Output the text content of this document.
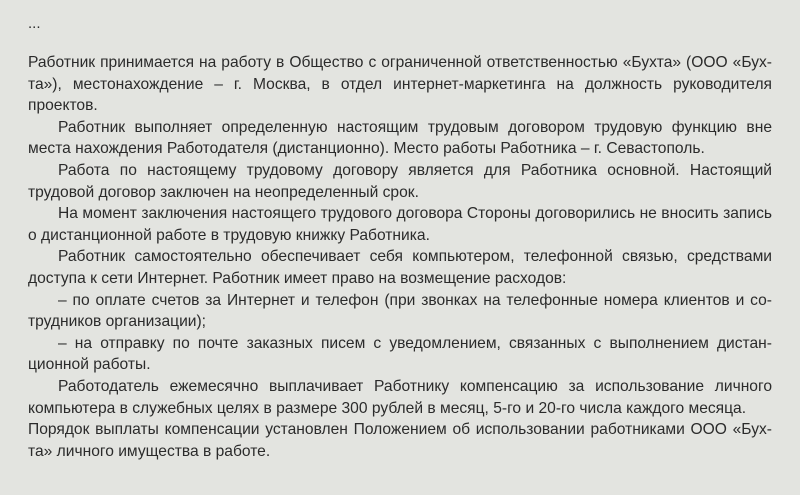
...

Работник принимается на работу в Общество с ограниченной ответственностью «Бухта» (ООО «Бух-та»), местонахождение – г. Москва, в отдел интернет-маркетинга на должность руководителя проектов.

Работник выполняет определенную настоящим трудовым договором трудовую функцию вне места нахождения Работодателя (дистанционно). Место работы Работника – г. Севастополь.

Работа по настоящему трудовому договору является для Работника основной. Настоящий трудовой договор заключен на неопределенный срок.

На момент заключения настоящего трудового договора Стороны договорились не вносить запись о дистанционной работе в трудовую книжку Работника.

Работник самостоятельно обеспечивает себя компьютером, телефонной связью, средствами доступа к сети Интернет. Работник имеет право на возмещение расходов:

– по оплате счетов за Интернет и телефон (при звонках на телефонные номера клиентов и со-трудников организации);

– на отправку по почте заказных писем с уведомлением, связанных с выполнением дистан-ционной работы.

Работодатель ежемесячно выплачивает Работнику компенсацию за использование личного компьютера в служебных целях в размере 300 рублей в месяц, 5-го и 20-го числа каждого месяца.

Порядок выплаты компенсации установлен Положением об использовании работниками ООО «Бух-та» личного имущества в работе.
